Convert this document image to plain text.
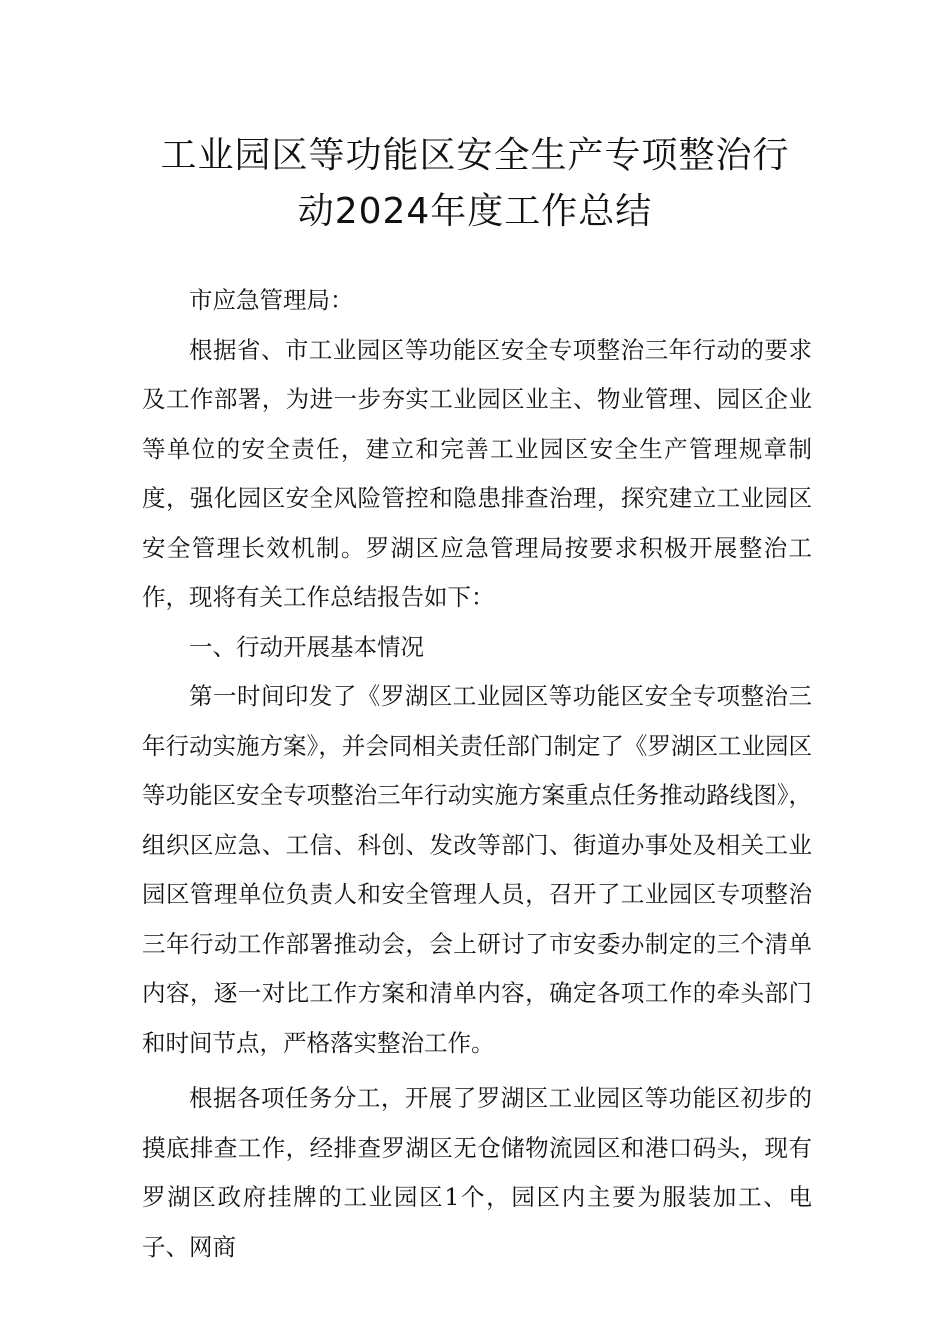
工业园区等功能区安全生产专项整治行
动2024年度工作总结

市应急管理局：

根据省、市工业园区等功能区安全专项整治三年行动的要求及工作部署，为进一步夯实工业园区业主、物业管理、园区企业等单位的安全责任，建立和完善工业园区安全生产管理规章制度，强化园区安全风险管控和隐患排查治理，探究建立工业园区安全管理长效机制。罗湖区应急管理局按要求积极开展整治工作，现将有关工作总结报告如下：

一、行动开展基本情况

第一时间印发了《罗湖区工业园区等功能区安全专项整治三年行动实施方案》，并会同相关责任部门制定了《罗湖区工业园区等功能区安全专项整治三年行动实施方案重点任务推动路线图》，组织区应急、工信、科创、发改等部门、街道办事处及相关工业园区管理单位负责人和安全管理人员，召开了工业园区专项整治三年行动工作部署推动会，会上研讨了市安委办制定的三个清单内容，逐一对比工作方案和清单内容，确定各项工作的牵头部门和时间节点，严格落实整治工作。

根据各项任务分工，开展了罗湖区工业园区等功能区初步的摸底排查工作，经排查罗湖区无仓储物流园区和港口码头，现有罗湖区政府挂牌的工业园区1个，园区内主要为服装加工、电子、网商
